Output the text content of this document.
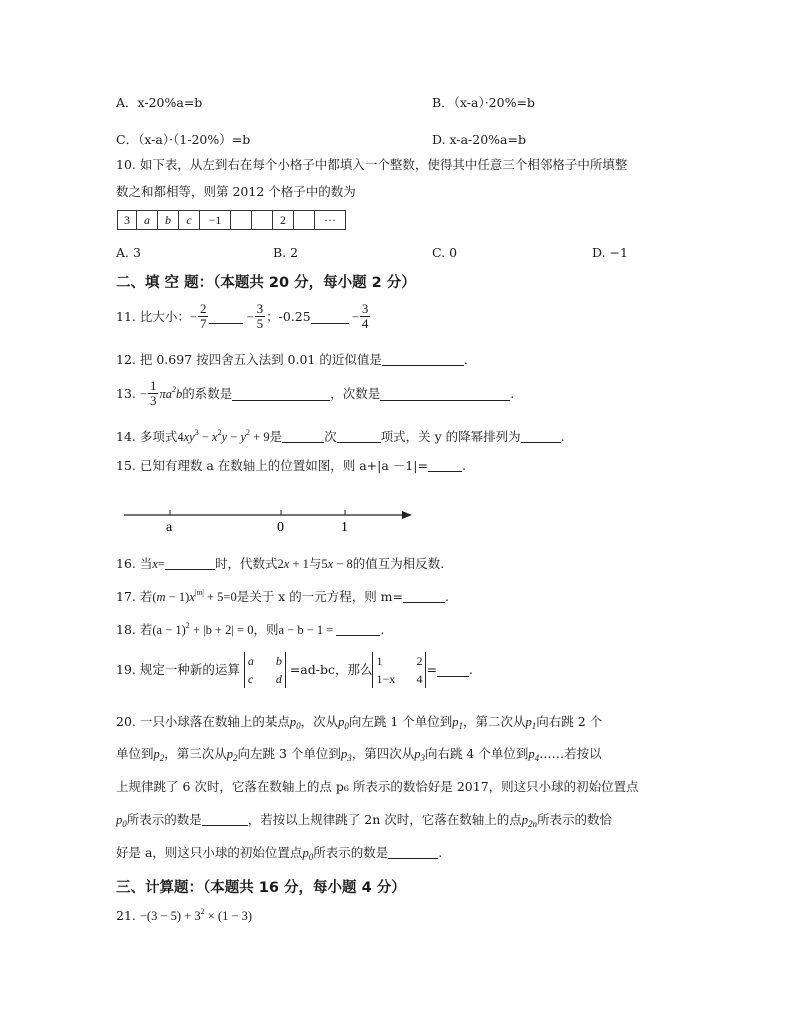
A．x-20%a=b	B．（x-a）·20%=b
C．（x-a）·（1-20%）=b	D. x-a-20%a=b
10. 如下表，从左到右在每个小格子中都填入一个整数，使得其中任意三个相邻格子中所填整
数之和都相等，则第 2012 个格子中的数为
3	a	b	c	−1			2		···
A. 3	B. 2	C. 0	D. −1
二、填 空 题：（本题共 20 分，每小题 2 分）
11.
比大小： − $\frac{2}{7}$	− $\frac{3}{5}$ ；-0.25	− $\frac{3}{4}$
12. 把 0.697 按四舍五入法到 0.01 的近似值是	.
13.
− $\frac{1}{3} \pi a^2b$ 的系数是	，次数是	.
14. 多项式$4xy^3 - x^2y - y^2 + 9$是	次	项式，关 y 的降幂排列为	.
15. 已知有理数 a 在数轴上的位置如图，则 a+|a －1|=	.
a	0	1
16. 当x=	时，代数式2x + 1与5x − 8的值互为相反数.
17. 若$(m - 1)x^{|m|} + 5=0$是关于 x 的一元方程，则 m=	.
18. 若$(a - 1)^2 + |b + 2| = 0$，则a − b − 1 =	.
19. 规定一种新的运算

a b
c d

=ad-bc，那么
1	2
1−x 4
=	.
20. 一只小球落在数轴上的某点$p_0$，次从$p_0$向左跳 1 个单位到$p_1$，第二次从$p_1$向右跳 2 个
单位到$p_2$，第三次从$p_2$向左跳 3 个单位到$p_3$，第四次从$p_3$向右跳 4 个单位到$p_4\dots\dots$若按以
上规律跳了 6 次时，它落在数轴上的点 p₆ 所表示的数恰好是 2017，则这只小球的初始位置点
$p_0$所表示的数是	，若按以上规律跳了 2n 次时，它落在数轴上的点$p_{2n}$所表示的数恰
好是 a，则这只小球的初始位置点$p_0$所表示的数是	.
三、计算题：（本题共 16 分，每小题 4 分）
21. $-(3 - 5) + 3^2 \times (1 - 3)$
